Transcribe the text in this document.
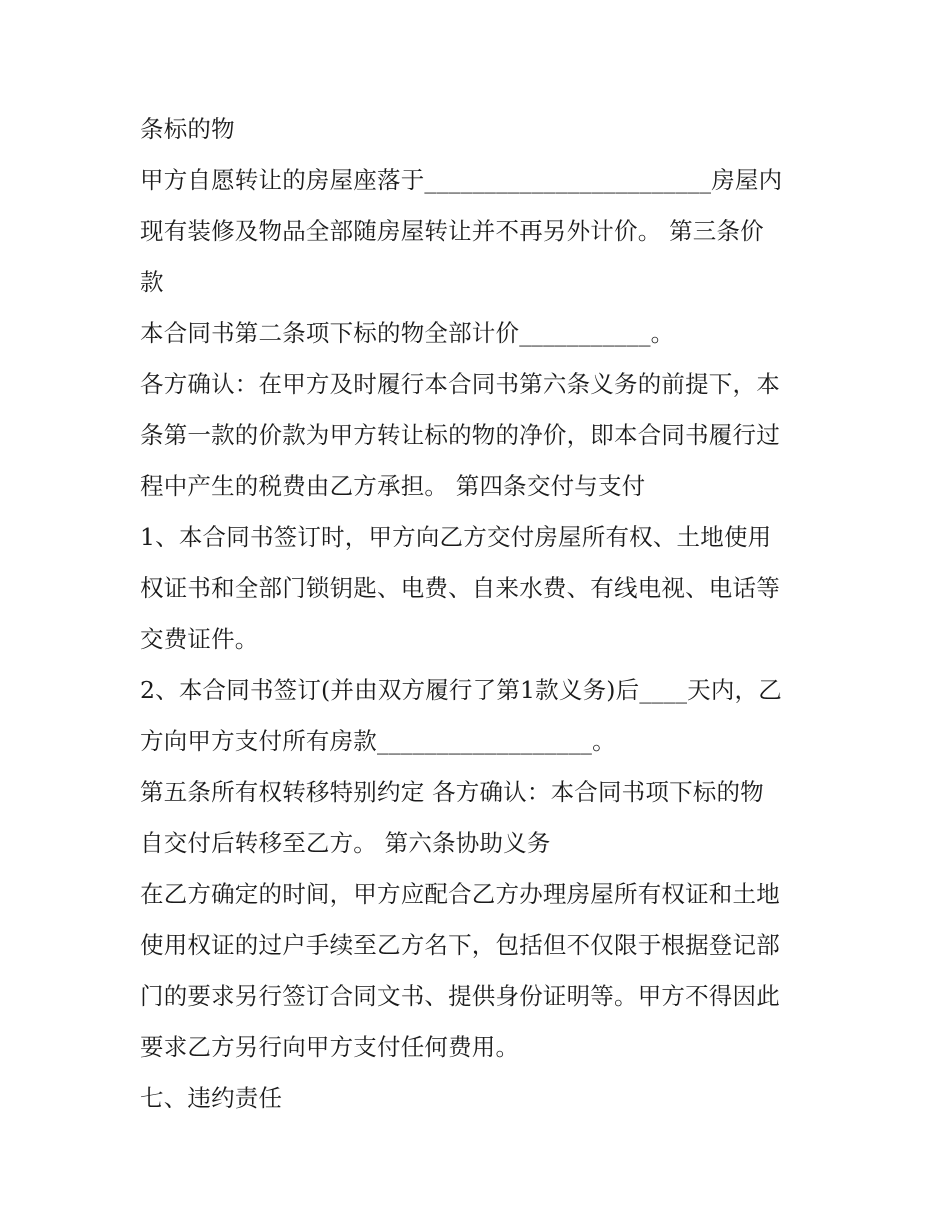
条标的物
甲方自愿转让的房屋座落于________________________房屋内
现有装修及物品全部随房屋转让并不再另外计价。 第三条价
款
本合同书第二条项下标的物全部计价___________。
各方确认：在甲方及时履行本合同书第六条义务的前提下，本
条第一款的价款为甲方转让标的物的净价，即本合同书履行过
程中产生的税费由乙方承担。 第四条交付与支付
1、本合同书签订时，甲方向乙方交付房屋所有权、土地使用
权证书和全部门锁钥匙、电费、自来水费、有线电视、电话等
交费证件。
2、本合同书签订(并由双方履行了第1款义务)后____天内，乙
方向甲方支付所有房款__________________。
第五条所有权转移特别约定 各方确认：本合同书项下标的物
自交付后转移至乙方。 第六条协助义务
在乙方确定的时间，甲方应配合乙方办理房屋所有权证和土地
使用权证的过户手续至乙方名下，包括但不仅限于根据登记部
门的要求另行签订合同文书、提供身份证明等。甲方不得因此
要求乙方另行向甲方支付任何费用。
七、违约责任
